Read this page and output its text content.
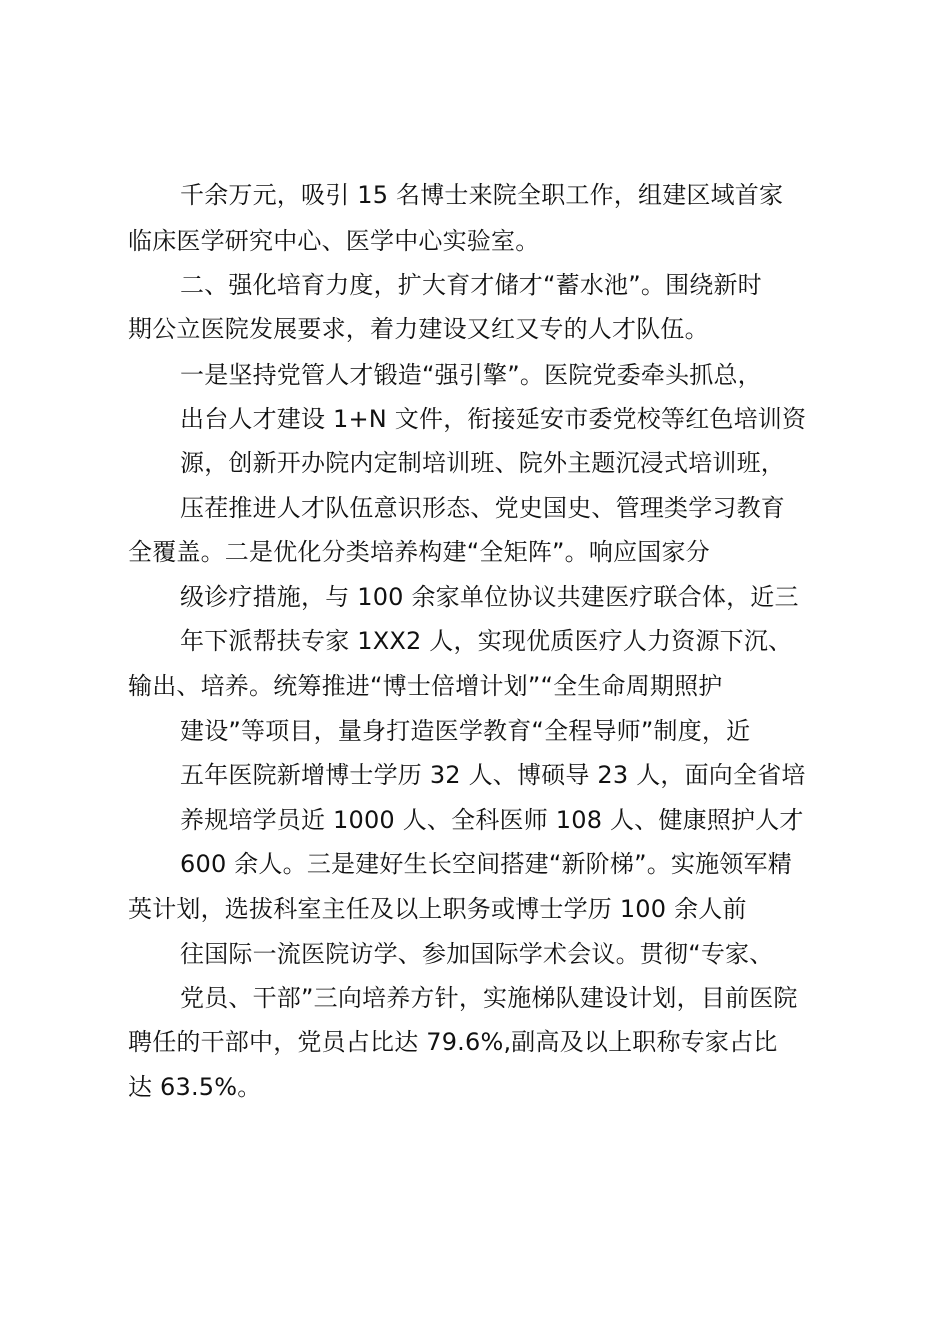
千余万元，吸引 15 名博士来院全职工作，组建区域首家
临床医学研究中心、医学中心实验室。
二、强化培育力度，扩大育才储才“蓄水池”。围绕新时
期公立医院发展要求，着力建设又红又专的人才队伍。
一是坚持党管人才锻造“强引擎”。医院党委牵头抓总，
出台人才建设 1+N 文件，衔接延安市委党校等红色培训资
源，创新开办院内定制培训班、院外主题沉浸式培训班，
压茬推进人才队伍意识形态、党史国史、管理类学习教育
全覆盖。二是优化分类培养构建“全矩阵”。响应国家分
级诊疗措施，与 100 余家单位协议共建医疗联合体，近三
年下派帮扶专家 1XX2 人，实现优质医疗人力资源下沉、
输出、培养。统筹推进“博士倍增计划”“全生命周期照护
建设”等项目，量身打造医学教育“全程导师”制度，近
五年医院新增博士学历 32 人、博硕导 23 人，面向全省培
养规培学员近 1000 人、全科医师 108 人、健康照护人才
600 余人。三是建好生长空间搭建“新阶梯”。实施领军精
英计划，选拔科室主任及以上职务或博士学历 100 余人前
往国际一流医院访学、参加国际学术会议。贯彻“专家、
党员、干部”三向培养方针，实施梯队建设计划，目前医院
聘任的干部中，党员占比达 79.6%,副高及以上职称专家占比
达 63.5%。
